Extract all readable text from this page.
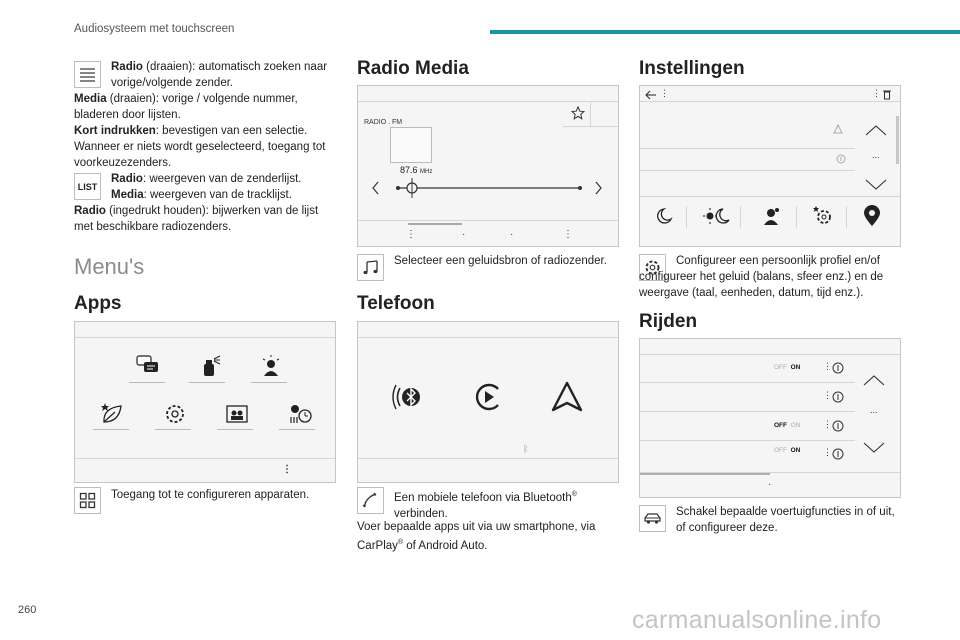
Audiosysteem met touchscreen
Radio (draaien): automatisch zoeken naar vorige/volgende zender.
Media (draaien): vorige / volgende nummer, bladeren door lijsten.
Kort indrukken: bevestigen van een selectie.
Wanneer er niets wordt geselecteerd, toegang tot voorkeuzezenders.
LIST
Radio: weergeven van de zenderlijst.
Media: weergeven van de tracklijst.
Radio (ingedrukt houden): bijwerken van de lijst met beschikbare radiozenders.
Menu's
Apps
⋮
Toegang tot te configureren apparaten.
Radio Media
RADIO . FM
87.6 MHz
⋮	·	·	⋮
Selecteer een geluidsbron of radiozender.
Telefoon
ᛒ
Een mobiele telefoon via Bluetooth® verbinden.
Voer bepaalde apps uit via uw smartphone, via CarPlay® of Android Auto.
Instellingen
⋮	⋮
...
Configureer een persoonlijk profiel en/of configureer het geluid (balans, sfeer enz.) en de weergave (taal, eenheden, datum, tijd enz.).
Rijden
OFF ON
OFF ON
OFF ON
⋮
⋮
⋮
⋮
...
·
Schakel bepaalde voertuigfuncties in of uit, of configureer deze.
260	carmanualsonline.info
